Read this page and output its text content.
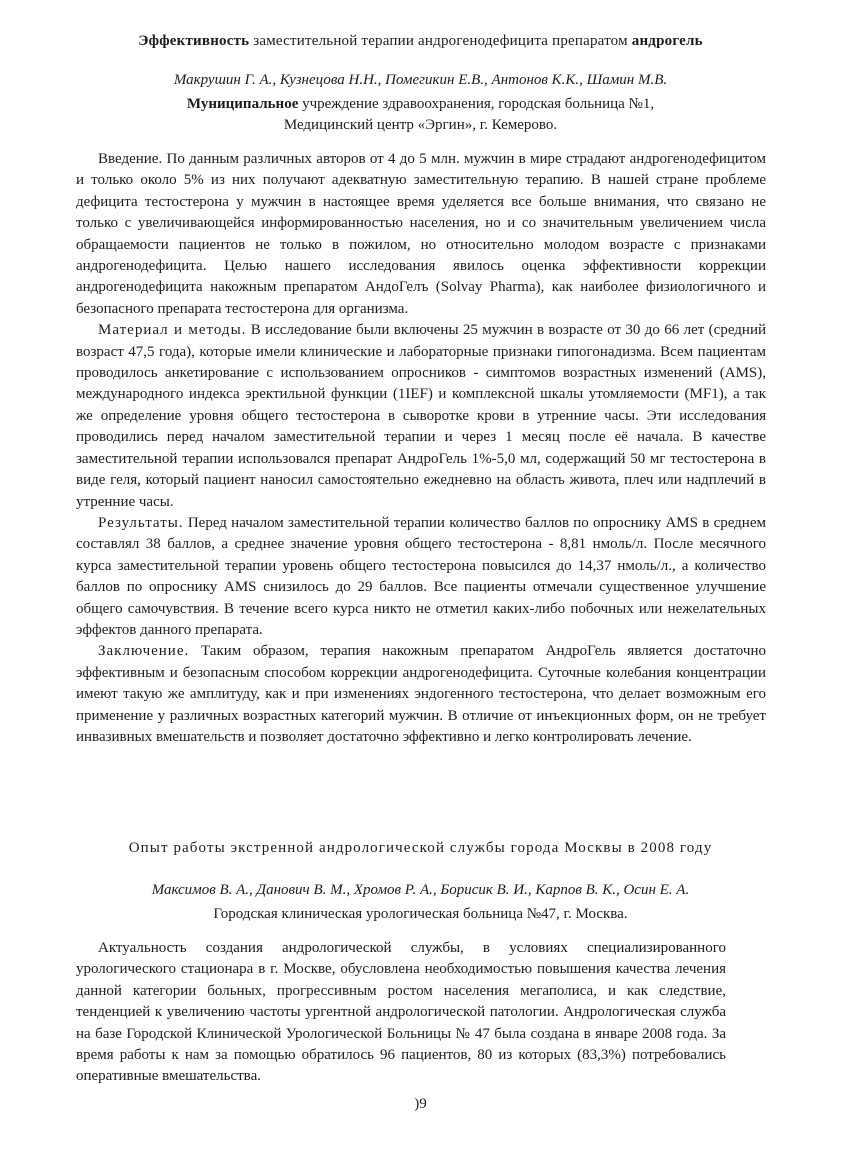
Эффективность заместительной терапии андрогенодефицита препаратом андрогель
Макрушин Г. А., Кузнецова Н.Н., Помегикин Е.В., Антонов К.К., Шамин М.В.
Муниципальное учреждение здравоохранения, городская больница №1,
Медицинский центр «Эргин», г. Кемерово.

Введение. По данным различных авторов от 4 до 5 млн. мужчин в мире страдают андрогенодефицитом и только около 5% из них получают адекватную заместительную терапию. В нашей стране проблеме дефицита тестостерона у мужчин в настоящее время уделяется все больше внимания, что связано не только с увеличивающейся информированностью населения, но и со значительным увеличением числа обращаемости пациентов не только в пожилом, но относительно молодом возрасте с признаками андрогенодефицита. Целью нашего исследования явилось оценка эффективности коррекции андрогенодефицита накожным препаратом АндоГелъ (Solvay Pharma), как наиболее физиологичного и безопасного препарата тестостерона для организма.

Материал и методы. В исследование были включены 25 мужчин в возрасте от 30 до 66 лет (средний возраст 47,5 года), которые имели клинические и лабораторные признаки гипогонадизма. Всем пациентам проводилось анкетирование с использованием опросников - симптомов возрастных изменений (AMS), международного индекса эректильной функции (1IEF) и комплексной шкалы утомляемости (MF1), а так же определение уровня общего тестостерона в сыворотке крови в утренние часы. Эти исследования проводились перед началом заместительной терапии и через 1 месяц после её начала. В качестве заместительной терапии использовался препарат АндроГель 1%-5,0 мл, содержащий 50 мг тестостерона в виде геля, который пациент наносил самостоятельно ежедневно на область живота, плеч или надплечий в утренние часы.

Результаты. Перед началом заместительной терапии количество баллов по опроснику AMS в среднем составлял 38 баллов, а среднее значение уровня общего тестостерона - 8,81 нмоль/л. После месячного курса заместительной терапии уровень общего тестостерона повысился до 14,37 нмоль/л., а количество баллов по опроснику AMS снизилось до 29 баллов. Все пациенты отмечали существенное улучшение общего самочувствия. В течение всего курса никто не отметил каких-либо побочных или нежелательных эффектов данного препарата.

Заключение. Таким образом, терапия накожным препаратом АндроГель является достаточно эффективным и безопасным способом коррекции андрогенодефицита. Суточные колебания концентрации имеют такую же амплитуду, как и при изменениях эндогенного тестостерона, что делает возможным его применение у различных возрастных категорий мужчин. В отличие от инъекционных форм, он не требует инвазивных вмешательств и позволяет достаточно эффективно и легко контролировать лечение.

Опыт работы экстренной андрологической службы города Москвы в 2008 году
Максимов В. А., Данович В. М., Хромов Р. А., Борисик В. И., Карпов В. К., Осин Е. А.
Городская клиническая урологическая больница №47, г. Москва.

Актуальность создания андрологической службы, в условиях специализированного урологического стационара в г. Москве, обусловлена необходимостью повышения качества лечения данной категории больных, прогрессивным ростом населения мегаполиса, и как следствие, тенденцией к увеличению частоты ургентной андрологической патологии. Андрологическая служба на базе Городской Клинической Урологической Больницы № 47 была создана в январе 2008 года. За время работы к нам за помощью обратилось 96 пациентов, 80 из которых (83,3%) потребовались оперативные вмешательства.

)9
